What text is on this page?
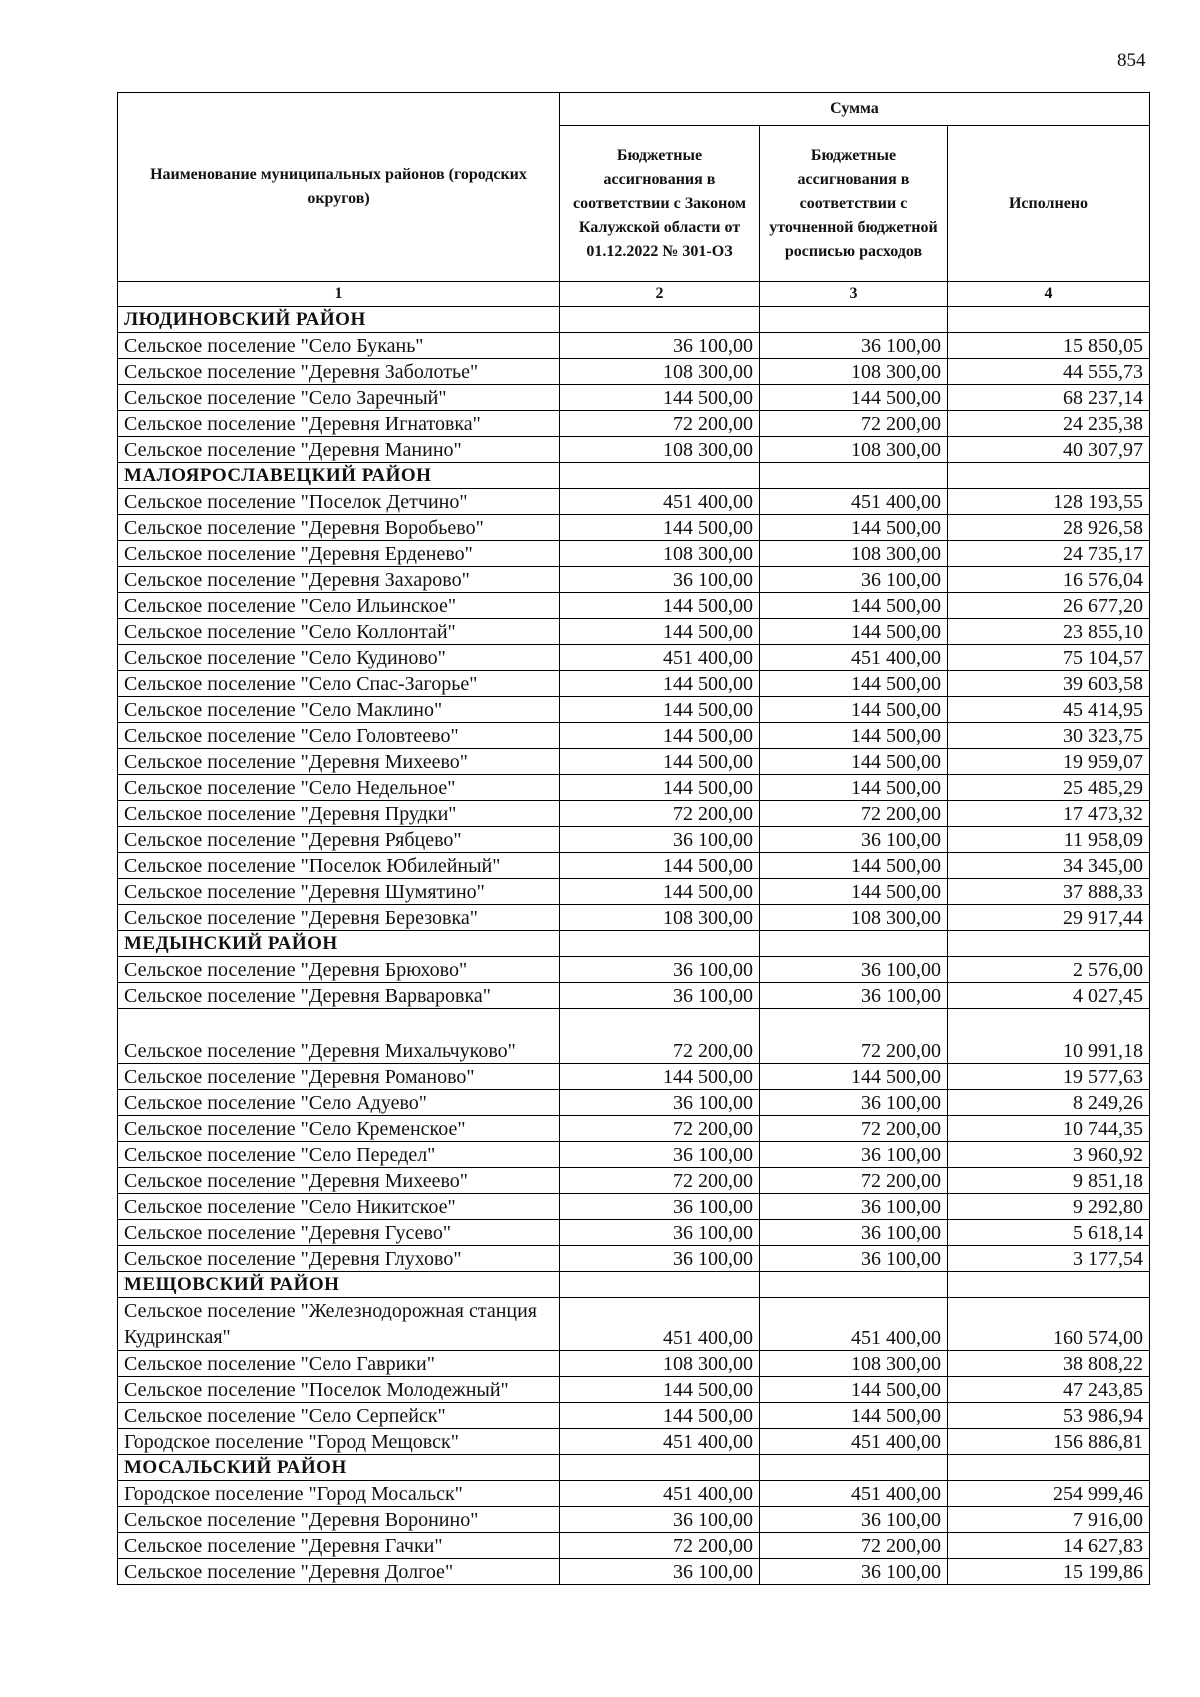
854
Наименование муниципальных районов (городских округов)	Сумма		
	Бюджетные ассигнования в соответствии с Законом Калужской области от 01.12.2022 № 301-ОЗ	Бюджетные ассигнования в соответствии с уточненной бюджетной росписью расходов	Исполнено
1	2	3	4
ЛЮДИНОВСКИЙ РАЙОН			
Сельское поселение "Село Букань"	36 100,00	36 100,00	15 850,05
Сельское поселение "Деревня Заболотье"	108 300,00	108 300,00	44 555,73
Сельское поселение "Село Заречный"	144 500,00	144 500,00	68 237,14
Сельское поселение "Деревня Игнатовка"	72 200,00	72 200,00	24 235,38
Сельское поселение "Деревня Манино"	108 300,00	108 300,00	40 307,97
МАЛОЯРОСЛАВЕЦКИЙ РАЙОН			
Сельское поселение "Поселок Детчино"	451 400,00	451 400,00	128 193,55
Сельское поселение "Деревня Воробьево"	144 500,00	144 500,00	28 926,58
Сельское поселение "Деревня Ерденево"	108 300,00	108 300,00	24 735,17
Сельское поселение "Деревня Захарово"	36 100,00	36 100,00	16 576,04
Сельское поселение "Село Ильинское"	144 500,00	144 500,00	26 677,20
Сельское поселение "Село Коллонтай"	144 500,00	144 500,00	23 855,10
Сельское поселение "Село Кудиново"	451 400,00	451 400,00	75 104,57
Сельское поселение "Село Спас-Загорье"	144 500,00	144 500,00	39 603,58
Сельское поселение "Село Маклино"	144 500,00	144 500,00	45 414,95
Сельское поселение "Село Головтеево"	144 500,00	144 500,00	30 323,75
Сельское поселение "Деревня Михеево"	144 500,00	144 500,00	19 959,07
Сельское поселение "Село Недельное"	144 500,00	144 500,00	25 485,29
Сельское поселение "Деревня Прудки"	72 200,00	72 200,00	17 473,32
Сельское поселение "Деревня Рябцево"	36 100,00	36 100,00	11 958,09
Сельское поселение "Поселок Юбилейный"	144 500,00	144 500,00	34 345,00
Сельское поселение "Деревня Шумятино"	144 500,00	144 500,00	37 888,33
Сельское поселение "Деревня Березовка"	108 300,00	108 300,00	29 917,44
МЕДЫНСКИЙ РАЙОН			
Сельское поселение "Деревня Брюхово"	36 100,00	36 100,00	2 576,00
Сельское поселение "Деревня Варваровка"	36 100,00	36 100,00	4 027,45
Сельское поселение "Деревня Михальчуково"	72 200,00	72 200,00	10 991,18
Сельское поселение "Деревня Романово"	144 500,00	144 500,00	19 577,63
Сельское поселение "Село Адуево"	36 100,00	36 100,00	8 249,26
Сельское поселение "Село Кременское"	72 200,00	72 200,00	10 744,35
Сельское поселение "Село Передел"	36 100,00	36 100,00	3 960,92
Сельское поселение "Деревня Михеево"	72 200,00	72 200,00	9 851,18
Сельское поселение "Село Никитское"	36 100,00	36 100,00	9 292,80
Сельское поселение "Деревня Гусево"	36 100,00	36 100,00	5 618,14
Сельское поселение "Деревня Глухово"	36 100,00	36 100,00	3 177,54
МЕЩОВСКИЙ РАЙОН			
Сельское поселение "Железнодорожная станция Кудринская"	451 400,00	451 400,00	160 574,00
Сельское поселение "Село Гаврики"	108 300,00	108 300,00	38 808,22
Сельское поселение "Поселок Молодежный"	144 500,00	144 500,00	47 243,85
Сельское поселение "Село Серпейск"	144 500,00	144 500,00	53 986,94
Городское поселение "Город Мещовск"	451 400,00	451 400,00	156 886,81
МОСАЛЬСКИЙ РАЙОН			
Городское поселение "Город Мосальск"	451 400,00	451 400,00	254 999,46
Сельское поселение "Деревня Воронино"	36 100,00	36 100,00	7 916,00
Сельское поселение "Деревня Гачки"	72 200,00	72 200,00	14 627,83
Сельское поселение "Деревня Долгое"	36 100,00	36 100,00	15 199,86
